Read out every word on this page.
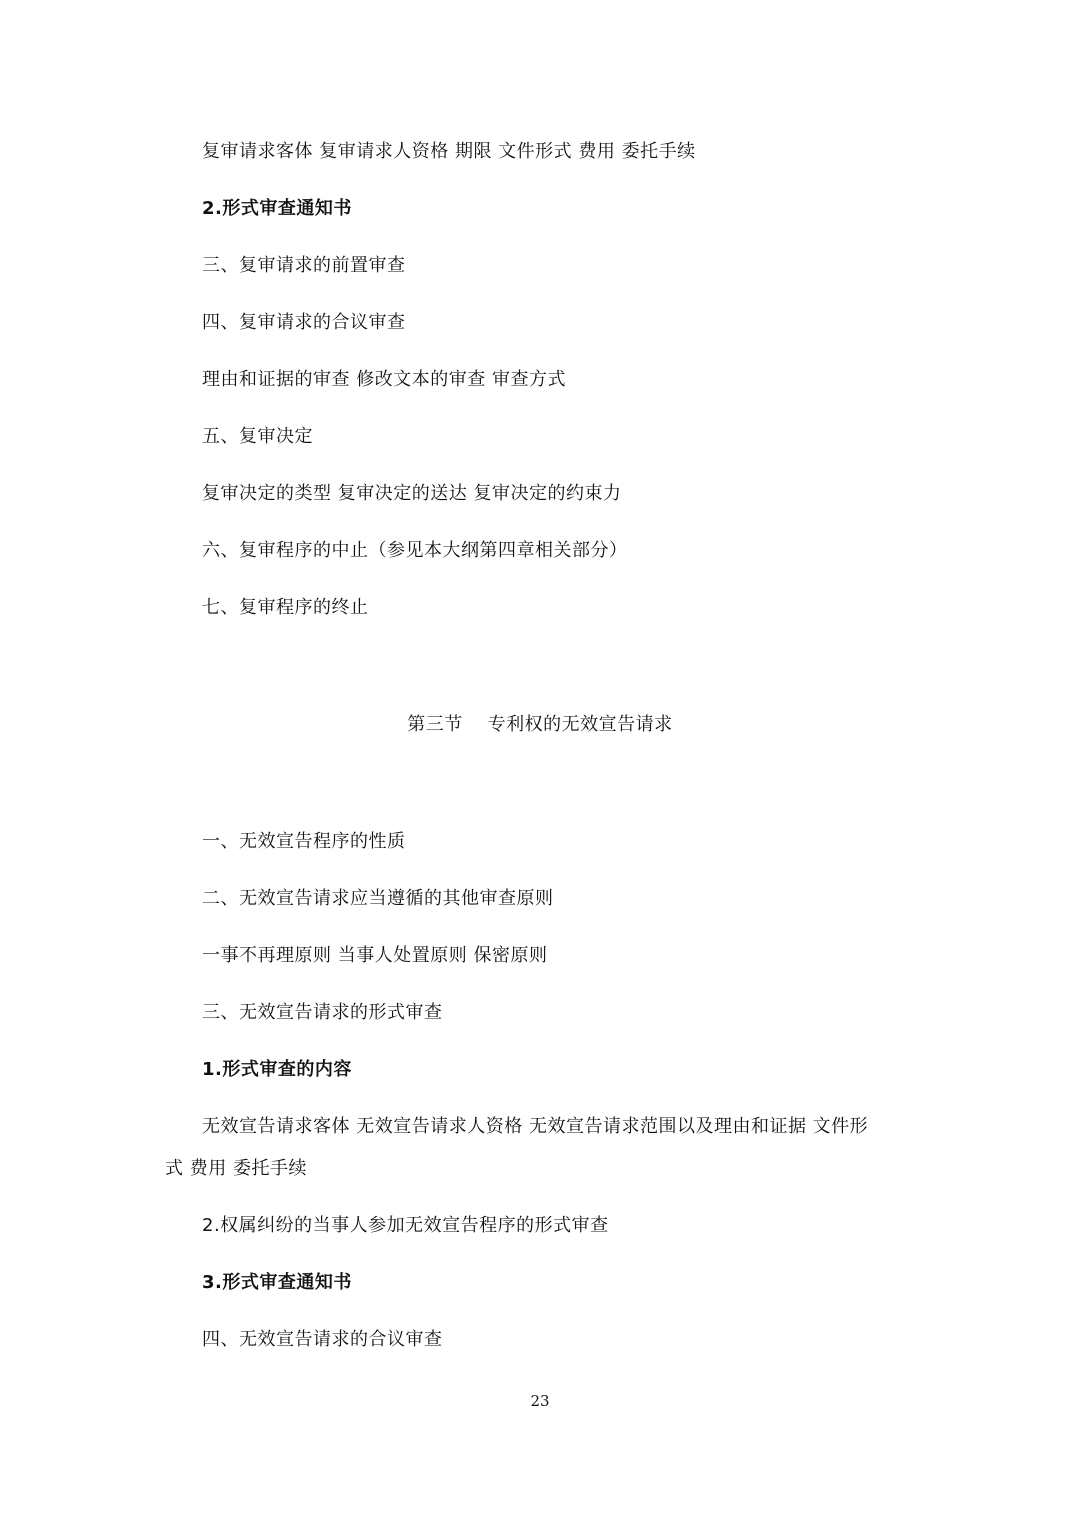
复审请求客体 复审请求人资格 期限 文件形式 费用 委托手续
2.形式审查通知书
三、复审请求的前置审查
四、复审请求的合议审查
理由和证据的审查 修改文本的审查 审查方式
五、复审决定
复审决定的类型 复审决定的送达 复审决定的约束力
六、复审程序的中止（参见本大纲第四章相关部分）
七、复审程序的终止
第三节    专利权的无效宣告请求
一、无效宣告程序的性质
二、无效宣告请求应当遵循的其他审查原则
一事不再理原则 当事人处置原则 保密原则
三、无效宣告请求的形式审查
1.形式审查的内容
无效宣告请求客体 无效宣告请求人资格 无效宣告请求范围以及理由和证据 文件形
式 费用 委托手续
2.权属纠纷的当事人参加无效宣告程序的形式审查
3.形式审查通知书
四、无效宣告请求的合议审查
23
